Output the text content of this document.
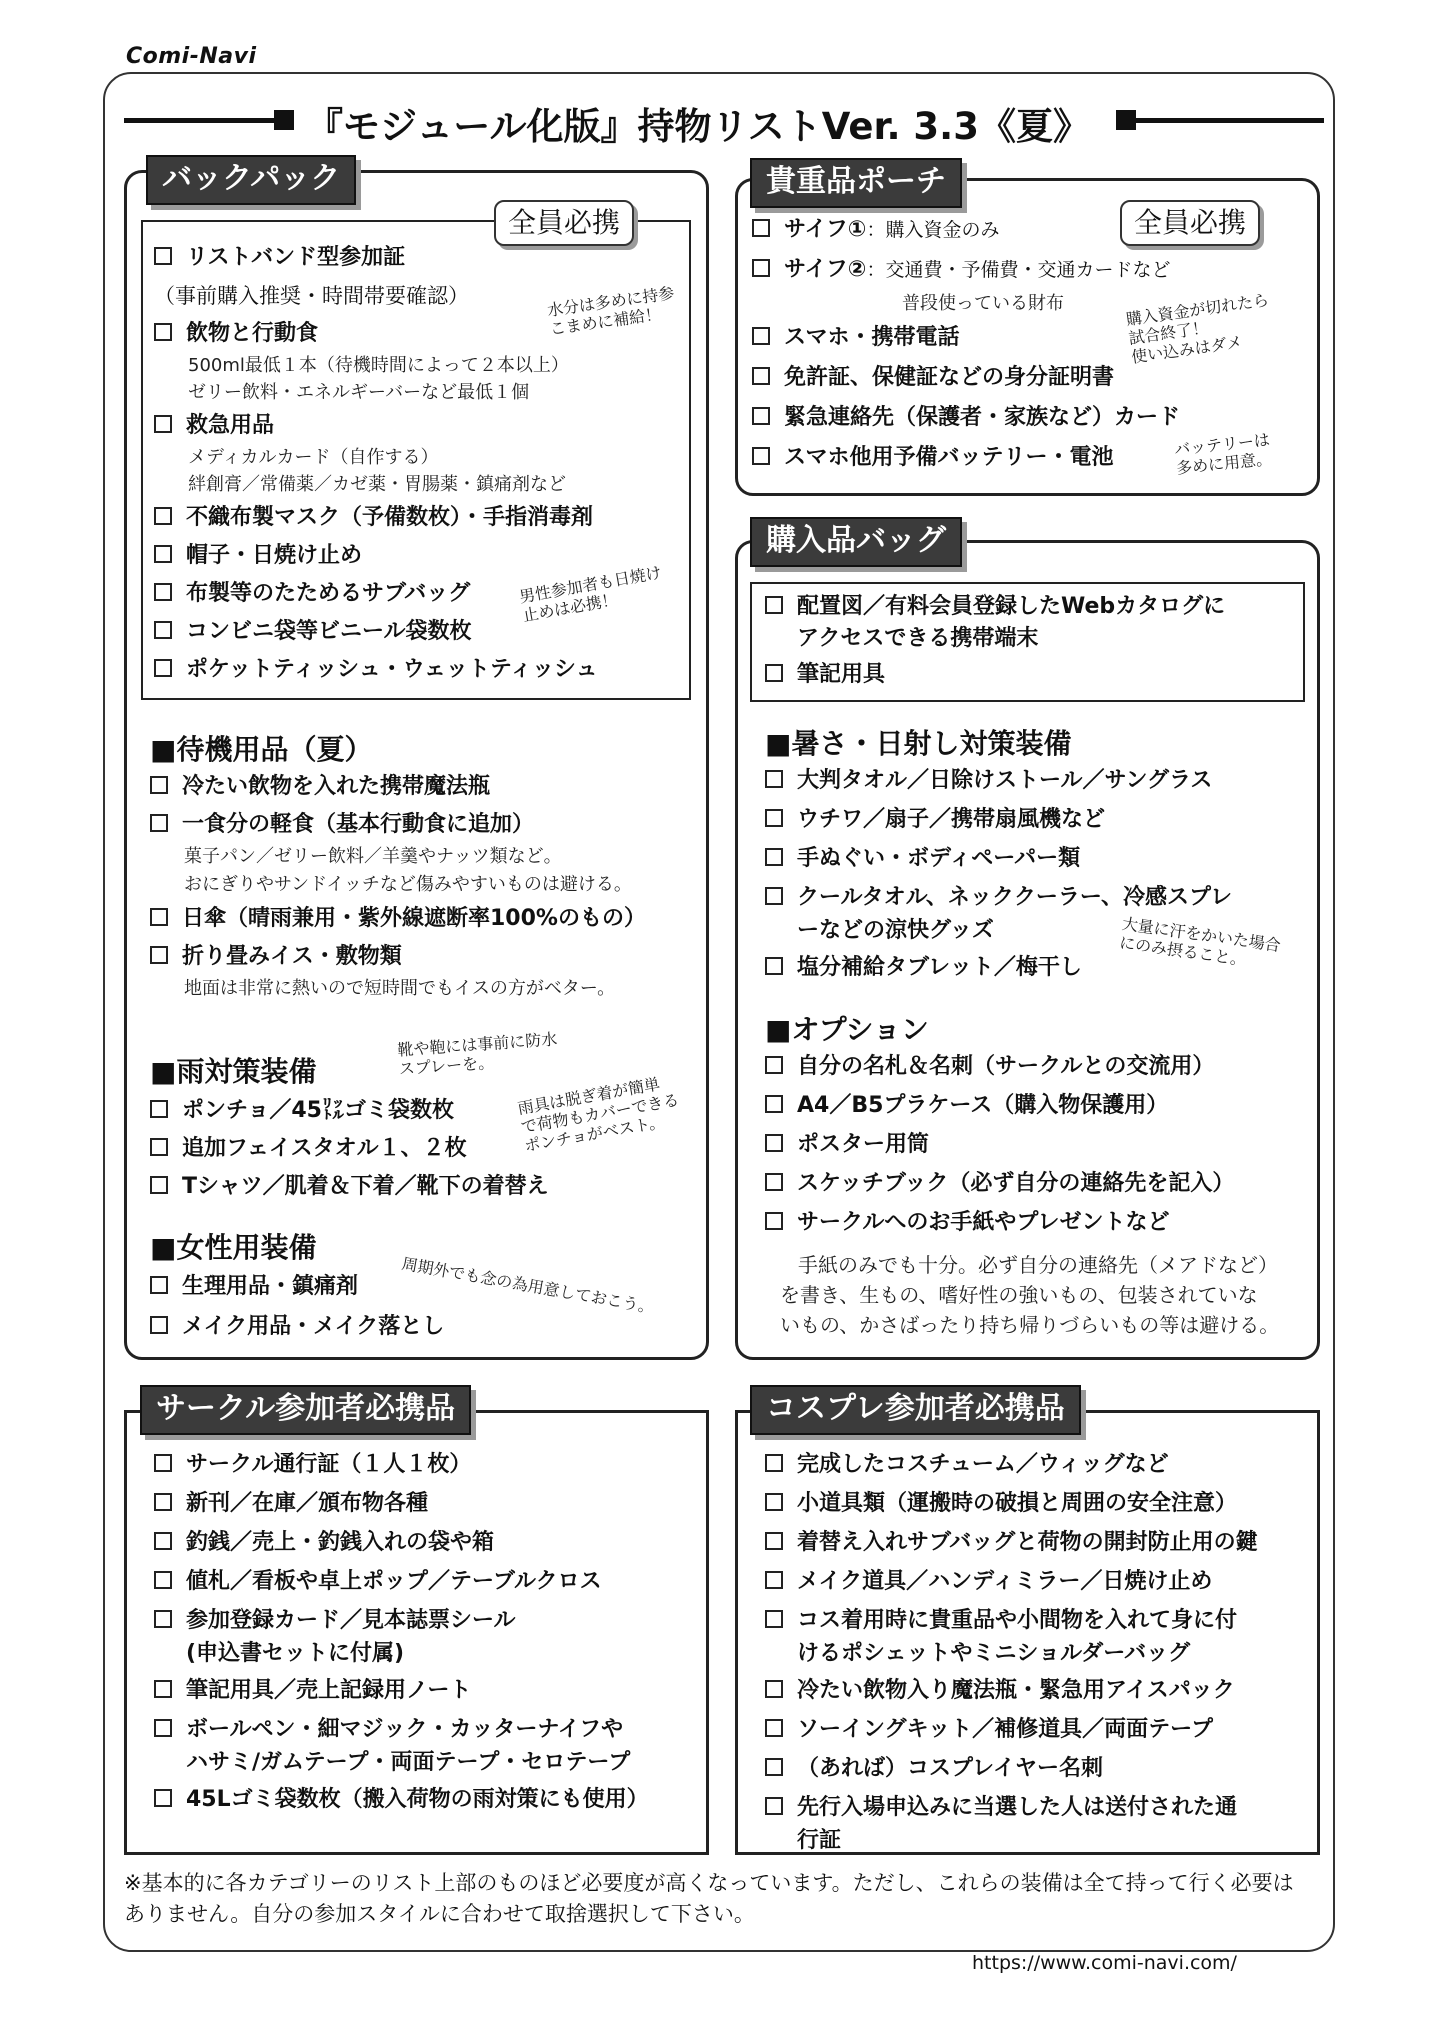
Comi-Navi
『モジュール化版』持物リストVer. 3.3《夏》
バックパック
全員必携
貴重品ポーチ
全員必携
購入品バッグ
サークル参加者必携品	コスプレ参加者必携品
リストバンド型参加証
（事前購入推奨・時間帯要確認）
飲物と行動食
500ml最低１本（待機時間によって２本以上）
ゼリー飲料・エネルギーバーなど最低１個
救急用品
メディカルカード（自作する）
絆創膏／常備薬／カゼ薬・胃腸薬・鎮痛剤など
不織布製マスク（予備数枚）・手指消毒剤
帽子・日焼け止め
布製等のたためるサブバッグ
コンビニ袋等ビニール袋数枚
ポケットティッシュ・ウェットティッシュ
水分は多めに持参
こまめに補給！
男性参加者も日焼け
止めは必携！
■待機用品（夏）
冷たい飲物を入れた携帯魔法瓶
一食分の軽食（基本行動食に追加）
菓子パン／ゼリー飲料／羊羹やナッツ類など。
おにぎりやサンドイッチなど傷みやすいものは避ける。
日傘（晴雨兼用・紫外線遮断率100%のもの）
折り畳みイス・敷物類
地面は非常に熱いので短時間でもイスの方がベター。
■雨対策装備
ポンチョ／45㍑ゴミ袋数枚
追加フェイスタオル１、２枚
Tシャツ／肌着＆下着／靴下の着替え
靴や鞄には事前に防水
スプレーを。
雨具は脱ぎ着が簡単
で荷物もカバーできる
ポンチョがベスト。
■女性用装備
生理用品・鎮痛剤
メイク用品・メイク落とし
周期外でも念の為用意しておこう。
サイフ①：購入資金のみ
サイフ②：交通費・予備費・交通カードなど
普段使っている財布
スマホ・携帯電話
免許証、保健証などの身分証明書
緊急連絡先（保護者・家族など）カード
スマホ他用予備バッテリー・電池
購入資金が切れたら
試合終了！
使い込みはダメ
バッテリーは
多めに用意。
配置図／有料会員登録したWebカタログに
アクセスできる携帯端末
筆記用具
■暑さ・日射し対策装備
大判タオル／日除けストール／サングラス
ウチワ／扇子／携帯扇風機など
手ぬぐい・ボディペーパー類
クールタオル、ネッククーラー、冷感スプレ
ーなどの涼快グッズ
塩分補給タブレット／梅干し
大量に汗をかいた場合
にのみ摂ること。
■オプション
自分の名札＆名刺（サークルとの交流用）
A4／B5プラケース（購入物保護用）
ポスター用筒
スケッチブック（必ず自分の連絡先を記入）
サークルへのお手紙やプレゼントなど
手紙のみでも十分。必ず自分の連絡先（メアドなど）
を書き、生もの、嗜好性の強いもの、包装されていな
いもの、かさばったり持ち帰りづらいもの等は避ける。
サークル通行証（１人１枚）
新刊／在庫／頒布物各種
釣銭／売上・釣銭入れの袋や箱
値札／看板や卓上ポップ／テーブルクロス
参加登録カード／見本誌票シール
(申込書セットに付属)
筆記用具／売上記録用ノート
ボールペン・細マジック・カッターナイフや
ハサミ/ガムテープ・両面テープ・セロテープ
45Lゴミ袋数枚（搬入荷物の雨対策にも使用）
完成したコスチューム／ウィッグなど
小道具類（運搬時の破損と周囲の安全注意）
着替え入れサブバッグと荷物の開封防止用の鍵
メイク道具／ハンディミラー／日焼け止め
コス着用時に貴重品や小間物を入れて身に付
けるポシェットやミニショルダーバッグ
冷たい飲物入り魔法瓶・緊急用アイスパック
ソーイングキット／補修道具／両面テープ
（あれば）コスプレイヤー名刺
先行入場申込みに当選した人は送付された通
行証
※基本的に各カテゴリーのリスト上部のものほど必要度が高くなっています。ただし、これらの装備は全て持って行く必要はありません。自分の参加スタイルに合わせて取捨選択して下さい。
https://www.comi-navi.com/
